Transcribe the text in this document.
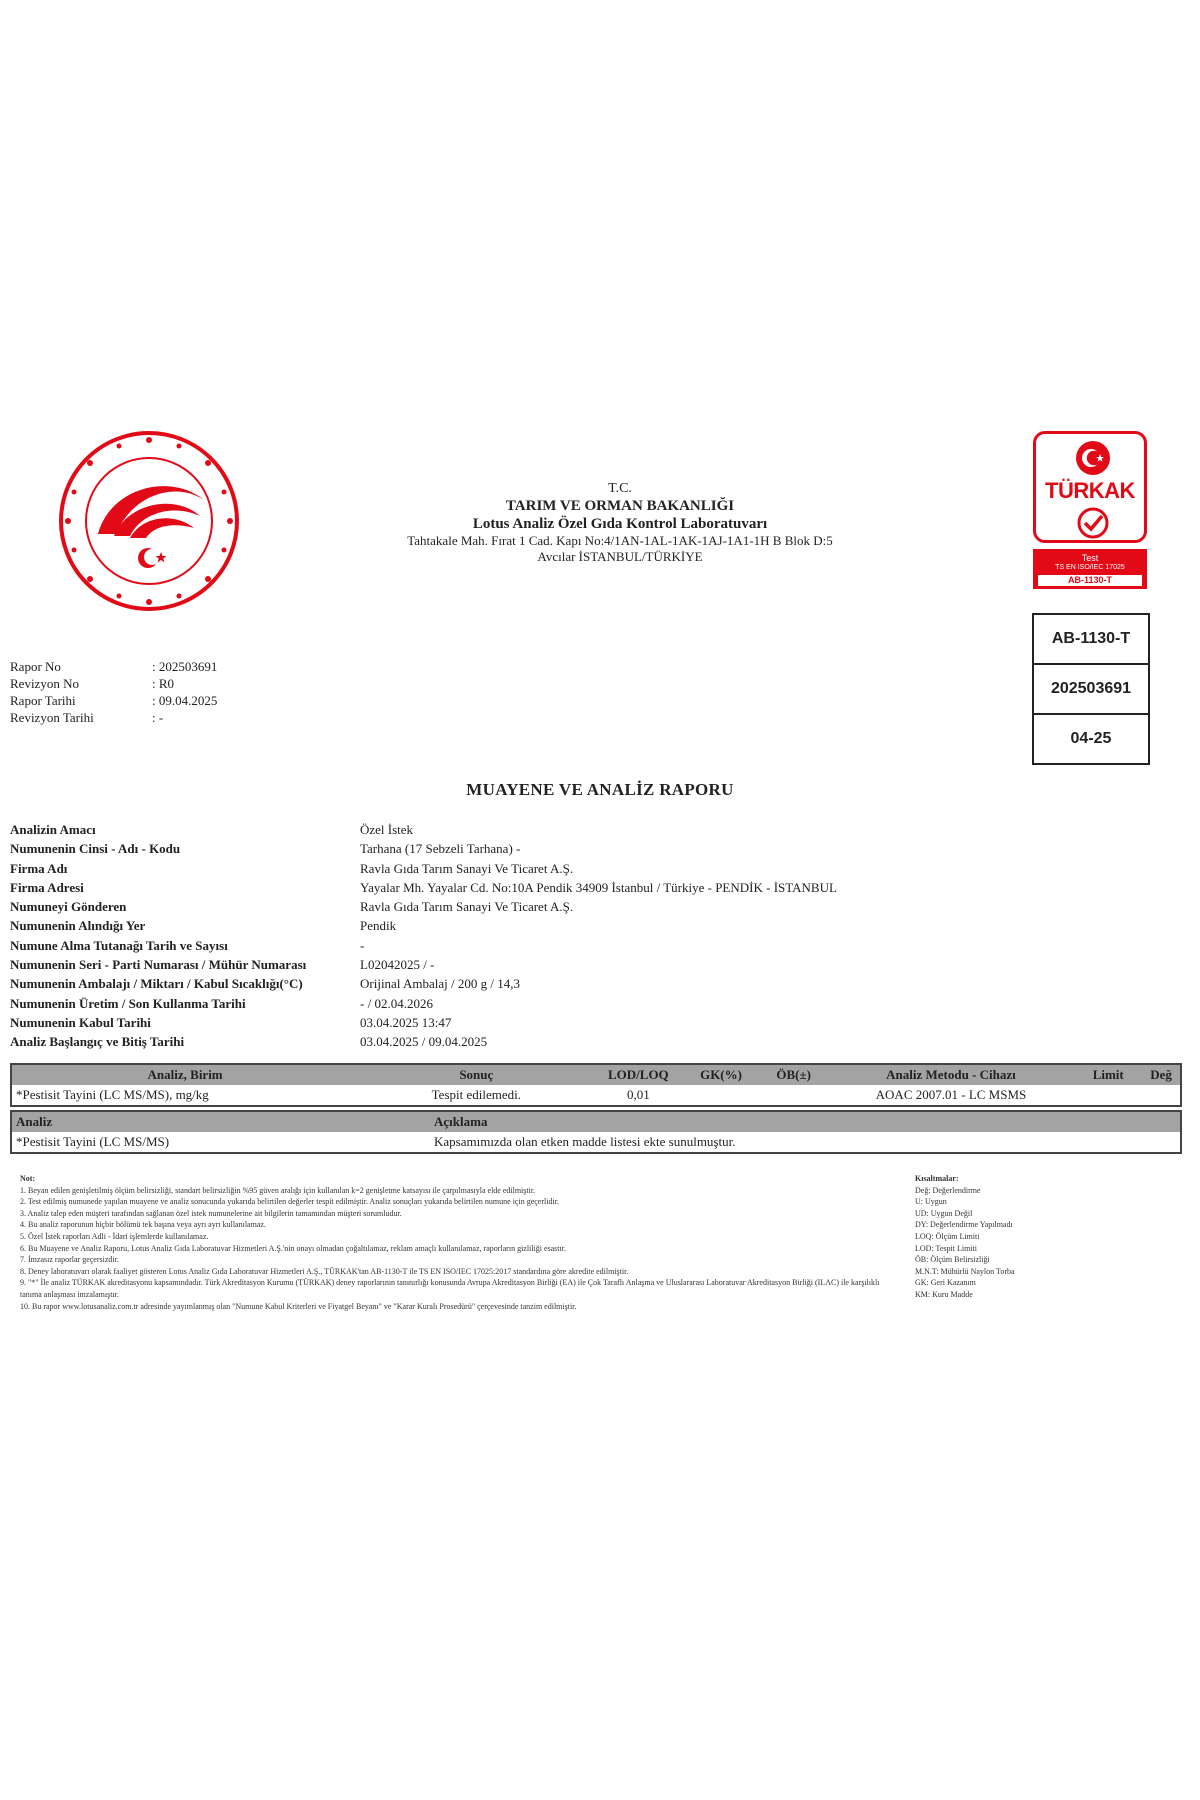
T.C.
TARIM VE ORMAN BAKANLIĞI
Lotus Analiz Özel Gıda Kontrol Laboratuvarı
Tahtakale Mah. Fırat 1 Cad. Kapı No:4/1AN-1AL-1AK-1AJ-1A1-1H B Blok D:5
Avcılar İSTANBUL/TÜRKİYE
TÜRKAK
Test
TS EN ISO/IEC 17025
AB-1130-T
AB-1130-T
202503691
04-25
Rapor No	: 202503691
Revizyon No	: R0
Rapor Tarihi	: 09.04.2025
Revizyon Tarihi	: -
MUAYENE VE ANALİZ RAPORU
Analizin Amacı	Özel İstek
Numunenin Cinsi - Adı - Kodu	Tarhana (17 Sebzeli Tarhana) -
Firma Adı	Ravla Gıda Tarım Sanayi Ve Ticaret A.Ş.
Firma Adresi	Yayalar Mh. Yayalar Cd. No:10A Pendik 34909 İstanbul / Türkiye - PENDİK - İSTANBUL
Numuneyi Gönderen	Ravla Gıda Tarım Sanayi Ve Ticaret A.Ş.
Numunenin Alındığı Yer	Pendik
Numune Alma Tutanağı Tarih ve Sayısı	-
Numunenin Seri - Parti Numarası / Mühür Numarası	L02042025 / -
Numunenin Ambalajı / Miktarı / Kabul Sıcaklığı(°C)	Orijinal Ambalaj / 200 g / 14,3
Numunenin Üretim / Son Kullanma Tarihi	- / 02.04.2026
Numunenin Kabul Tarihi	03.04.2025 13:47
Analiz Başlangıç ve Bitiş Tarihi	03.04.2025 / 09.04.2025
Analiz, Birim	Sonuç	LOD/LOQ	GK(%)	ÖB(±)	Analiz Metodu - Cihazı	Limit	Değ
*Pestisit Tayini (LC MS/MS), mg/kg	Tespit edilemedi.	0,01			AOAC 2007.01 - LC MSMS		
Analiz	Açıklama
*Pestisit Tayini (LC MS/MS)	Kapsamımızda olan etken madde listesi ekte sunulmuştur.
Not:
1. Beyan edilen genişletilmiş ölçüm belirsizliği, standart belirsizliğin %95 güven aralığı için kullanılan k=2 genişletme katsayısı ile çarpılmasıyla elde edilmiştir.
2. Test edilmiş numunede yapılan muayene ve analiz sonucunda yukarıda belirtilen değerler tespit edilmiştir. Analiz sonuçları yukarıda belirtilen numune için geçerlidir.
3. Analiz talep eden müşteri tarafından sağlanan özel istek numunelerine ait bilgilerin tamamından müşteri sorumludur.
4. Bu analiz raporunun hiçbir bölümü tek başına veya ayrı ayrı kullanılamaz.
5. Özel İstek raporları Adli - İdari işlemlerde kullanılamaz.
6. Bu Muayene ve Analiz Raporu, Lotus Analiz Gıda Laboratuvar Hizmetleri A.Ş.'nin onayı olmadan çoğaltılamaz, reklam amaçlı kullanılamaz, raporların gizliliği esastır.
7. İmzasız raporlar geçersizdir.
8. Deney laboratuvarı olarak faaliyet gösteren Lotus Analiz Gıda Laboratuvar Hizmetleri A.Ş., TÜRKAK'tan AB-1130-T ile TS EN ISO/IEC 17025:2017 standardına göre akredite edilmiştir.
9. "*" İle analiz TÜRKAK akreditasyonu kapsamındadır. Türk Akreditasyon Kurumu (TÜRKAK) deney raporlarının tanınırlığı konusunda Avrupa Akreditasyon Birliği (EA) ile Çok Taraflı Anlaşma ve Uluslararası Laboratuvar Akreditasyon Birliği (ILAC) ile karşılıklı tanıma anlaşması imzalamıştır.
10. Bu rapor www.lotusanaliz.com.tr adresinde yayımlanmış olan "Numune Kabul Kriterleri ve Fiyatgel Beyanı" ve "Karar Kuralı Prosedürü" çerçevesinde tanzim edilmiştir.
Kısaltmalar:
Değ: Değerlendirme
U: Uygun
UD: Uygun Değil
DY: Değerlendirme Yapılmadı
LOQ: Ölçüm Limiti
LOD: Tespit Limiti
ÖB: Ölçüm Belirsizliği
M.N.T: Mühürlü Naylon Torba
GK: Geri Kazanım
KM: Kuru Madde
